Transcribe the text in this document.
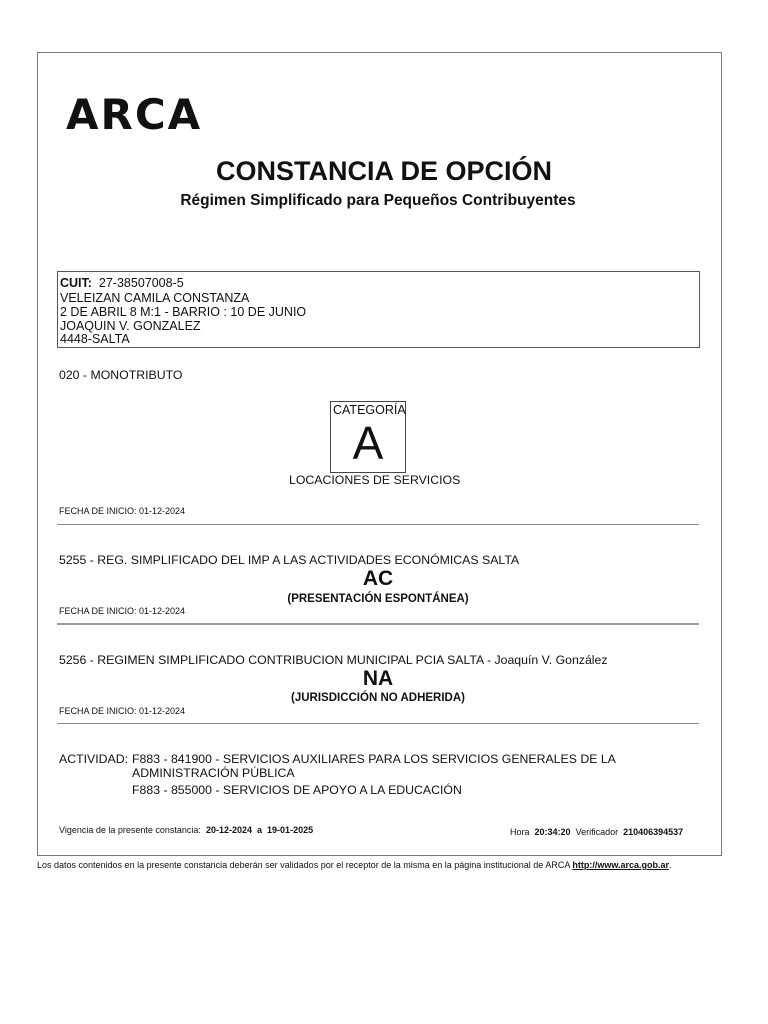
ARCA
CONSTANCIA DE OPCIÓN
Régimen Simplificado para Pequeños Contribuyentes
CUIT: 27-38507008-5
VELEIZAN CAMILA CONSTANZA
2 DE ABRIL 8 M:1 - BARRIO : 10 DE JUNIO
JOAQUIN V. GONZALEZ
4448-SALTA
020 - MONOTRIBUTO
CATEGORÍA
A
LOCACIONES DE SERVICIOS
FECHA DE INICIO: 01-12-2024
5255 - REG. SIMPLIFICADO DEL IMP A LAS ACTIVIDADES ECONÓMICAS SALTA
AC
(PRESENTACIÓN ESPONTÁNEA)
FECHA DE INICIO: 01-12-2024
5256 - REGIMEN SIMPLIFICADO CONTRIBUCION MUNICIPAL PCIA SALTA - Joaquín V. González
NA
(JURISDICCIÓN NO ADHERIDA)
FECHA DE INICIO: 01-12-2024
ACTIVIDAD: F883 - 841900 - SERVICIOS AUXILIARES PARA LOS SERVICIOS GENERALES DE LA
ADMINISTRACIÓN PÚBLICA
F883 - 855000 - SERVICIOS DE APOYO A LA EDUCACIÓN
Vigencia de la presente constancia: 20-12-2024 a 19-01-2025	Hora 20:34:20 Verificador 210406394537
Los datos contenidos en la presente constancia deberán ser validados por el receptor de la misma en la página institucional de ARCA http://www.arca.gob.ar.
